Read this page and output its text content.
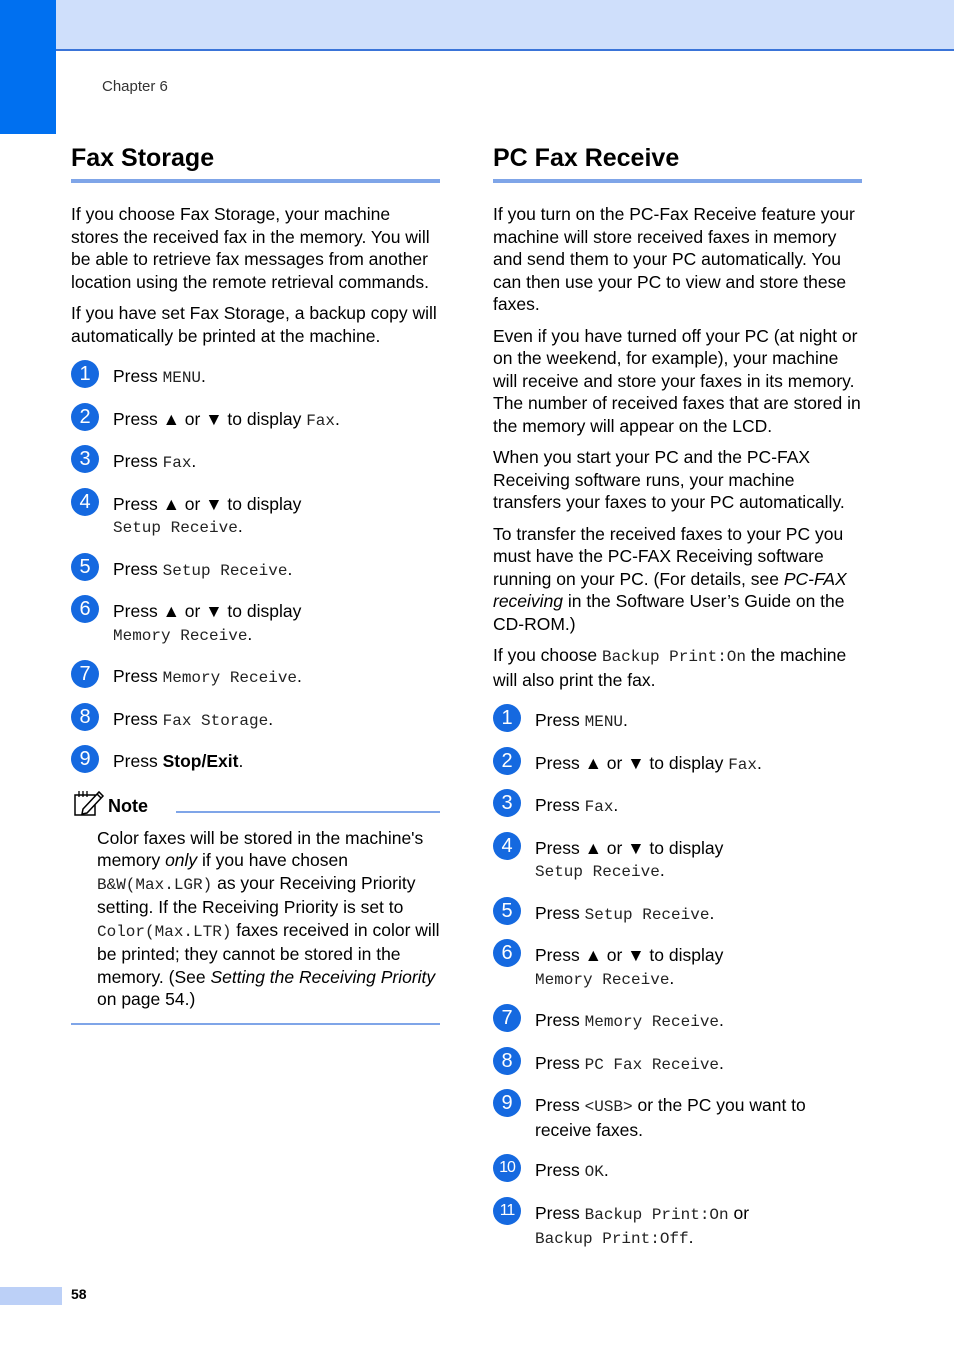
Chapter 6
Fax Storage

If you choose Fax Storage, your machine stores the received fax in the memory. You will be able to retrieve fax messages from another location using the remote retrieval commands.

If you have set Fax Storage, a backup copy will automatically be printed at the machine.

1	Press MENU.
2	Press ▲ or ▼ to display Fax.
3	Press Fax.
4	Press ▲ or ▼ to display
Setup Receive.
5	Press Setup Receive.
6	Press ▲ or ▼ to display
Memory Receive.
7	Press Memory Receive.
8	Press Fax Storage.
9	Press Stop/Exit.
Note
Color faxes will be stored in the machine's memory only if you have chosen B&W(Max.LGR) as your Receiving Priority setting. If the Receiving Priority is set to Color(Max.LTR) faxes received in color will be printed; they cannot be stored in the memory. (See Setting the Receiving Priority on page 54.)
PC Fax Receive

If you turn on the PC-Fax Receive feature your machine will store received faxes in memory and send them to your PC automatically. You can then use your PC to view and store these faxes.

Even if you have turned off your PC (at night or on the weekend, for example), your machine will receive and store your faxes in its memory. The number of received faxes that are stored in the memory will appear on the LCD.

When you start your PC and the PC-FAX Receiving software runs, your machine transfers your faxes to your PC automatically.

To transfer the received faxes to your PC you must have the PC-FAX Receiving software running on your PC. (For details, see PC-FAX receiving in the Software User’s Guide on the CD-ROM.)

If you choose Backup Print:On the machine will also print the fax.

1	Press MENU.
2	Press ▲ or ▼ to display Fax.
3	Press Fax.
4	Press ▲ or ▼ to display
Setup Receive.
5	Press Setup Receive.
6	Press ▲ or ▼ to display
Memory Receive.
7	Press Memory Receive.
8	Press PC Fax Receive.
9	Press <USB> or the PC you want to receive faxes.
10	Press OK.
11	Press Backup Print:On or
Backup Print:Off.
58
